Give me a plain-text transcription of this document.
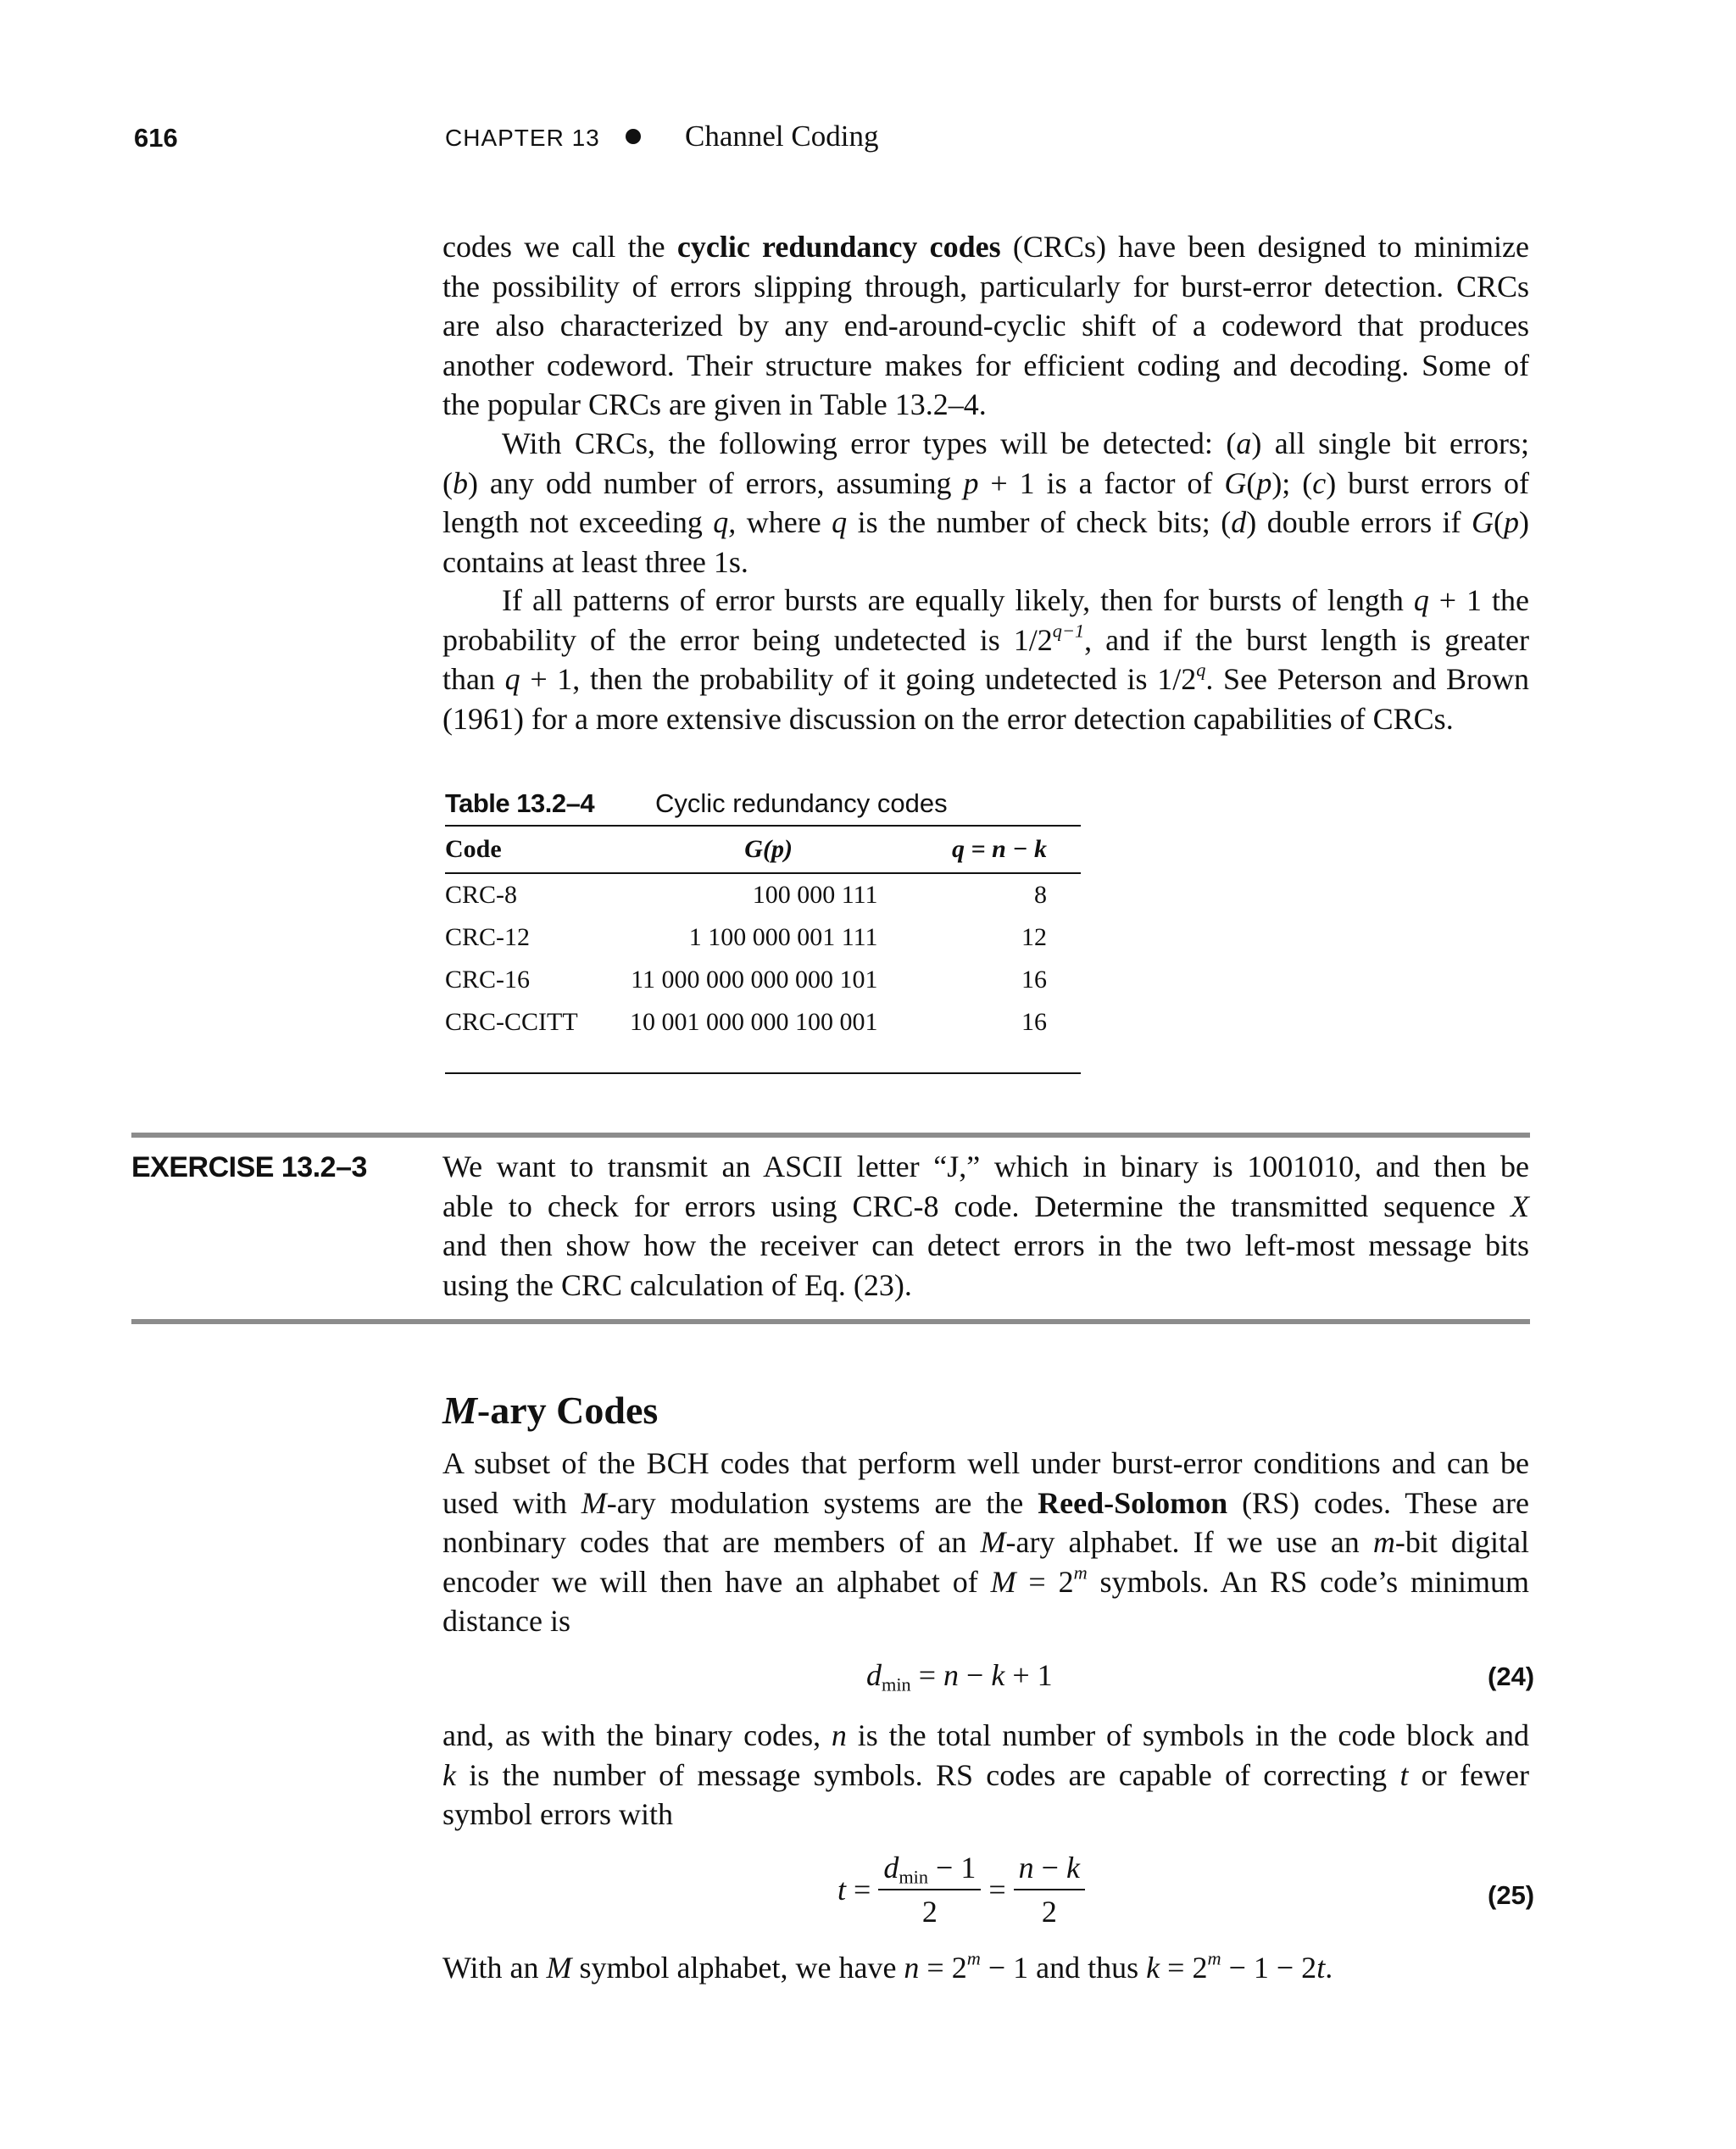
616	CHAPTER 13	Channel Coding
codes we call the cyclic redundancy codes (CRCs) have been designed to minimize
the possibility of errors slipping through, particularly for burst-error detection. CRCs
are also characterized by any end-around-cyclic shift of a codeword that produces
another codeword. Their structure makes for efficient coding and decoding. Some of
the popular CRCs are given in Table 13.2–4.
With CRCs, the following error types will be detected: (a) all single bit errors;
(b) any odd number of errors, assuming p + 1 is a factor of G(p); (c) burst errors of
length not exceeding q, where q is the number of check bits; (d) double errors if G(p)
contains at least three 1s.
If all patterns of error bursts are equally likely, then for bursts of length q + 1 the
probability of the error being undetected is $1/2^{q-1}$, and if the burst length is greater
than q + 1, then the probability of it going undetected is 1/2$^q$. See Peterson and Brown
(1961) for a more extensive discussion on the error detection capabilities of CRCs.
Table 13.2–4 Cyclic redundancy codes
Code	G(p)	q = n − k
CRC-8	100 000 111	8
CRC-12	1 100 000 001 111	12
CRC-16	11 000 000 000 000 101	16
CRC-CCITT	10 001 000 000 100 001	16

EXERCISE 13.2–3 We want to transmit an ASCII letter “J,” which in binary is 1001010, and then be
able to check for errors using CRC-8 code. Determine the transmitted sequence X
and then show how the receiver can detect errors in the two left-most message bits
using the CRC calculation of Eq. (23).
M-ary Codes
A subset of the BCH codes that perform well under burst-error conditions and can be
used with M-ary modulation systems are the Reed-Solomon (RS) codes. These are
nonbinary codes that are members of an M-ary alphabet. If we use an m-bit digital
encoder we will then have an alphabet of $M = 2^m$ symbols. An RS code’s minimum
distance is
$d_{min} = n - k + 1$	(24)
and, as with the binary codes, n is the total number of symbols in the code block and
k is the number of message symbols. RS codes are capable of correcting t or fewer
symbol errors with
$t = \frac{d_{min} - 1}{2} = \frac{n - k}{2}$	(25)
With an M symbol alphabet, we have $n = 2^m - 1$ and thus $k = 2^m - 1 - 2t$.
